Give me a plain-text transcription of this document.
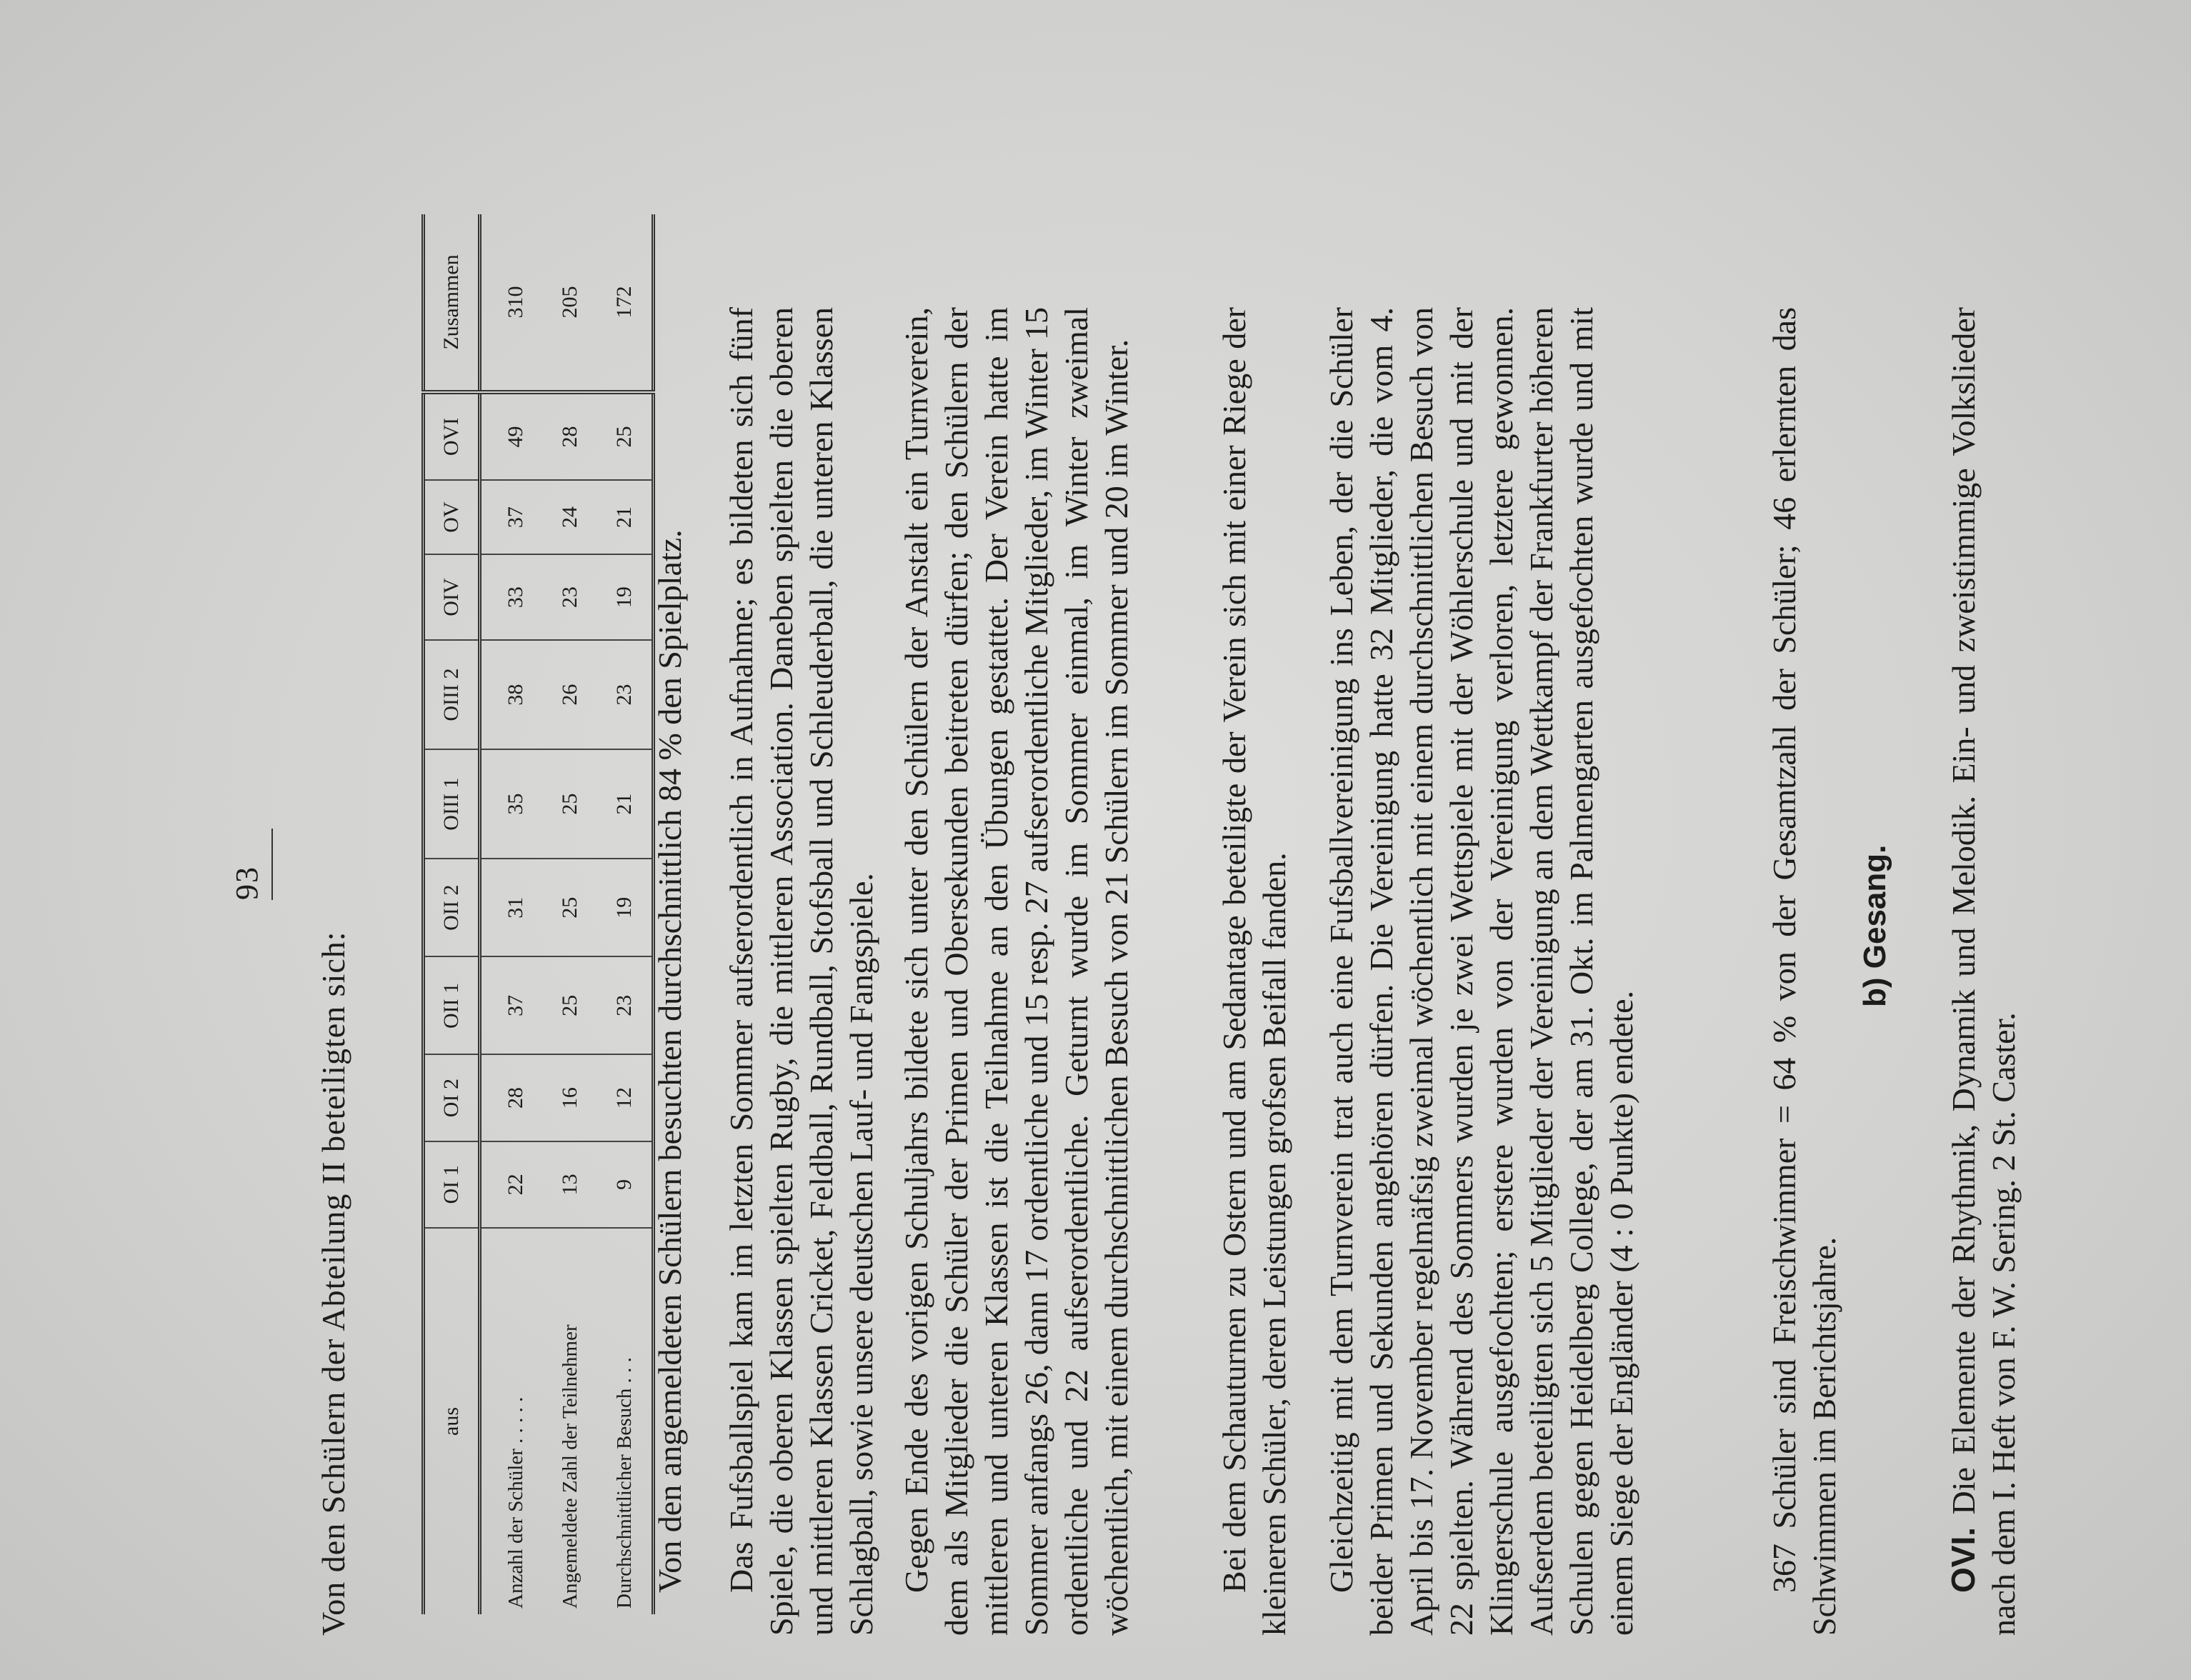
93
Von den Schülern der Abteilung II beteiligten sich:	aus	OI 1	OI 2	OII 1	OII 2	OIII 1	OIII 2	OIV	OV	OVI	Zusammen
Anzahl der Schüler . . . . .	22	28	37	31	35	38	33	37	49	310
Angemeldete Zahl der Teilnehmer	13	16	25	25	25	26	23	24	28	205
Durchschnittlicher Besuch . . .	9	12	23	19	21	23	19	21	25	172
Von den angemeldeten Schülern besuchten durchschnittlich 84 % den Spielplatz. Das Fufsballspiel kam im letzten Sommer aufserordentlich in Aufnahme; es bildeten sich fünf Spiele, die oberen Klassen spielten Rugby, die mittleren Association. Daneben spielten die oberen und mittleren Klassen Cricket, Feldball, Rundball, Stofsball und Schleuderball, die unteren Klassen Schlagball, sowie unsere deutschen Lauf- und Fangspiele. Gegen Ende des vorigen Schuljahrs bildete sich unter den Schülern der Anstalt ein Turnverein, dem als Mitglieder die Schüler der Primen und Obersekunden beitreten dürfen; den Schülern der mittleren und unteren Klassen ist die Teilnahme an den Übungen gestattet. Der Verein hatte im Sommer anfangs 26, dann 17 ordentliche und 15 resp. 27 aufserordentliche Mitglieder, im Winter 15 ordentliche und 22 aufserordentliche. Geturnt wurde im Sommer einmal, im Winter zweimal wöchentlich, mit einem durchschnittlichen Besuch von 21 Schülern im Sommer und 20 im Winter. Bei dem Schauturnen zu Ostern und am Sedantage beteiligte der Verein sich mit einer Riege der kleineren Schüler, deren Leistungen grofsen Beifall fanden. Gleichzeitig mit dem Turnverein trat auch eine Fufsballvereinigung ins Leben, der die Schüler beider Primen und Sekunden angehören dürfen. Die Vereinigung hatte 32 Mitglieder, die vom 4. April bis 17. November regelmäfsig zweimal wöchentlich mit einem durchschnittlichen Besuch von 22 spielten. Während des Sommers wurden je zwei Wettspiele mit der Wöhlerschule und mit der Klingerschule ausgefochten; erstere wurden von der Vereinigung verloren, letztere gewonnen. Aufserdem beteiligten sich 5 Mitglieder der Vereinigung an dem Wettkampf der Frankfurter höheren Schulen gegen Heidelberg College, der am 31. Okt. im Palmengarten ausgefochten wurde und mit einem Siege der Engländer (4 : 0 Punkte) endete.	367 Schüler sind Freischwimmer = 64 % von der Gesamtzahl der Schüler; 46 erlernten das Schwimmen im Berichtsjahre.
b) Gesang.
OVI. Die Elemente der Rhythmik, Dynamik und Melodik. Ein- und zweistimmige Volkslieder nach dem I. Heft von F. W. Sering. 2 St. Caster.
